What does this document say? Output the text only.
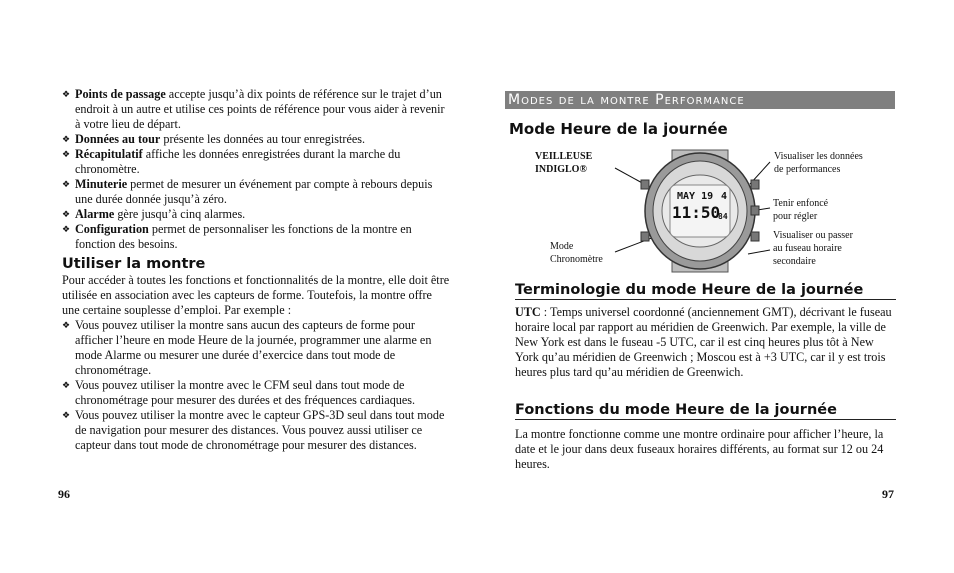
❖ Points de passage accepte jusqu’à dix points de référence sur le trajet d’un endroit à un autre et utilise ces points de référence pour vous aider à revenir à votre lieu de départ.
❖ Données au tour présente les données au tour enregistrées.
❖ Récapitulatif affiche les données enregistrées durant la marche du chronomètre.
❖ Minuterie permet de mesurer un événement par compte à rebours depuis une durée donnée jusqu’à zéro.
❖ Alarme gère jusqu’à cinq alarmes.
❖ Configuration permet de personnaliser les fonctions de la montre en fonction des besoins.
Utiliser la montre

Pour accéder à toutes les fonctions et fonctionnalités de la montre, elle doit être utilisée en association avec les capteurs de forme. Toutefois, la montre offre une certaine souplesse d’emploi. Par exemple :

❖ Vous pouvez utiliser la montre sans aucun des capteurs de forme pour afficher l’heure en mode Heure de la journée, programmer une alarme en mode Alarme ou mesurer une durée d’exercice dans tout mode de chronométrage.
❖ Vous pouvez utiliser la montre avec le CFM seul dans tout mode de chronométrage pour mesurer des durées et des fréquences cardiaques.
❖ Vous pouvez utiliser la montre avec le capteur GPS-3D seul dans tout mode de navigation pour mesurer des distances. Vous pouvez aussi utiliser ce capteur dans tout mode de chronométrage pour mesurer des distances.
96
Modes de la montre Performance
Mode Heure de la journée
VEILLEUSE
INDIGLO®
Mode
Chronomètre
Visualiser les données
de performances
Tenir enfoncé
pour régler
Visualiser ou passer
au fuseau horaire
secondaire
MAY 19 4
11:50
84
Terminologie du mode Heure de la journée

UTC : Temps universel coordonné (anciennement GMT), décrivant le fuseau horaire local par rapport au méridien de Greenwich. Par exemple, la ville de New York est dans le fuseau -5 UTC, car il est cinq heures plus tôt à New York qu’au méridien de Greenwich ; Moscou est à +3 UTC, car il y est trois heures plus tard qu’au méridien de Greenwich.

Fonctions du mode Heure de la journée

La montre fonctionne comme une montre ordinaire pour afficher l’heure, la date et le jour dans deux fuseaux horaires différents, au format sur 12 ou 24 heures.

97
